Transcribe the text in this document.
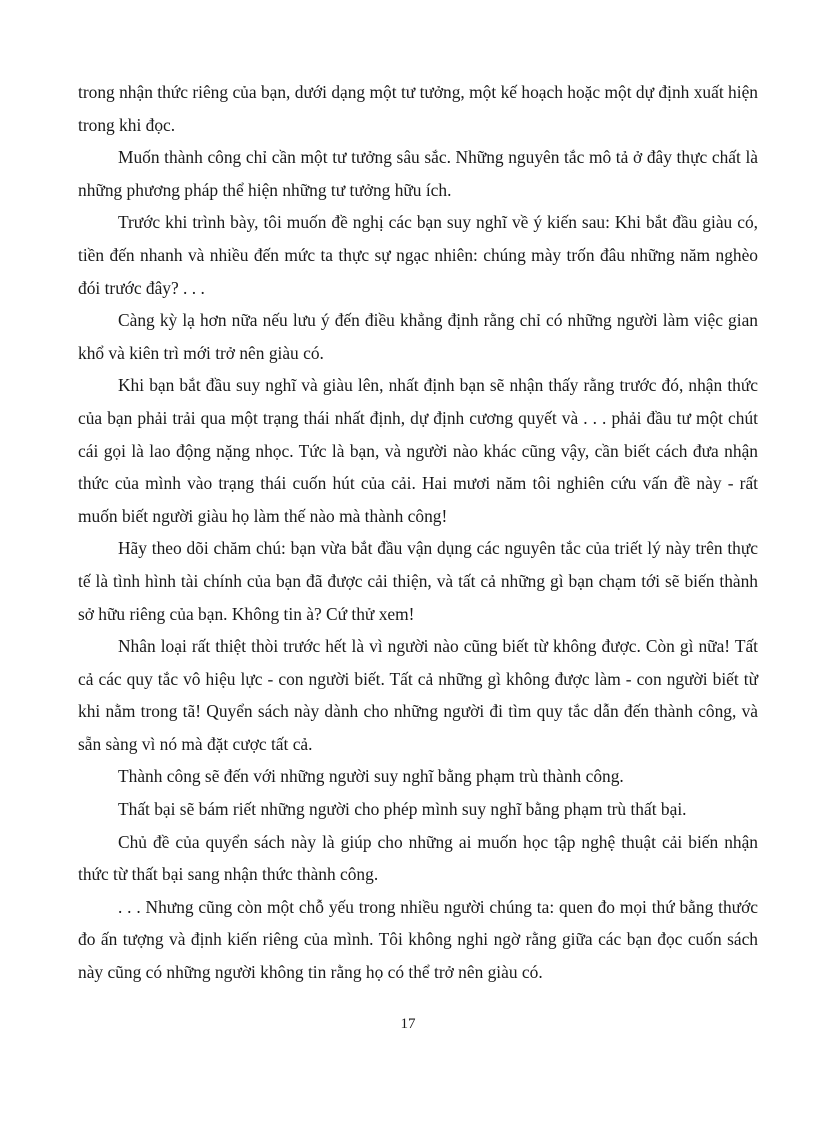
trong nhận thức riêng của bạn, dưới dạng một tư tưởng, một kế hoạch hoặc một dự định xuất hiện trong khi đọc.

Muốn thành công chỉ cần một tư tưởng sâu sắc. Những nguyên tắc mô tả ở đây thực chất là những phương pháp thể hiện những tư tưởng hữu ích.

Trước khi trình bày, tôi muốn đề nghị các bạn suy nghĩ về ý kiến sau: Khi bắt đầu giàu có, tiền đến nhanh và nhiều đến mức ta thực sự ngạc nhiên: chúng mày trốn đâu những năm nghèo đói trước đây? . . .

Càng kỳ lạ hơn nữa nếu lưu ý đến điều khẳng định rằng chỉ có những người làm việc gian khổ và kiên trì mới trở nên giàu có.

Khi bạn bắt đầu suy nghĩ và giàu lên, nhất định bạn sẽ nhận thấy rằng trước đó, nhận thức của bạn phải trải qua một trạng thái nhất định, dự định cương quyết và . . . phải đầu tư một chút cái gọi là lao động nặng nhọc. Tức là bạn, và người nào khác cũng vậy, cần biết cách đưa nhận thức của mình vào trạng thái cuốn hút của cải. Hai mươi năm tôi nghiên cứu vấn đề này - rất muốn biết người giàu họ làm thế nào mà thành công!

Hãy theo dõi chăm chú: bạn vừa bắt đầu vận dụng các nguyên tắc của triết lý này trên thực tế là tình hình tài chính của bạn đã được cải thiện, và tất cả những gì bạn chạm tới sẽ biến thành sở hữu riêng của bạn. Không tin à? Cứ thử xem!

Nhân loại rất thiệt thòi trước hết là vì người nào cũng biết từ không được. Còn gì nữa! Tất cả các quy tắc vô hiệu lực - con người biết. Tất cả những gì không được làm - con người biết từ khi nằm trong tã! Quyển sách này dành cho những người đi tìm quy tắc dẫn đến thành công, và sẵn sàng vì nó mà đặt cược tất cả.

Thành công sẽ đến với những người suy nghĩ bằng phạm trù thành công.

Thất bại sẽ bám riết những người cho phép mình suy nghĩ bằng phạm trù thất bại.

Chủ đề của quyển sách này là giúp cho những ai muốn học tập nghệ thuật cải biến nhận thức từ thất bại sang nhận thức thành công.

. . . Nhưng cũng còn một chỗ yếu trong nhiều người chúng ta: quen đo mọi thứ bằng thước đo ấn tượng và định kiến riêng của mình. Tôi không nghi ngờ rằng giữa các bạn đọc cuốn sách này cũng có những người không tin rằng họ có thể trở nên giàu có.

17
